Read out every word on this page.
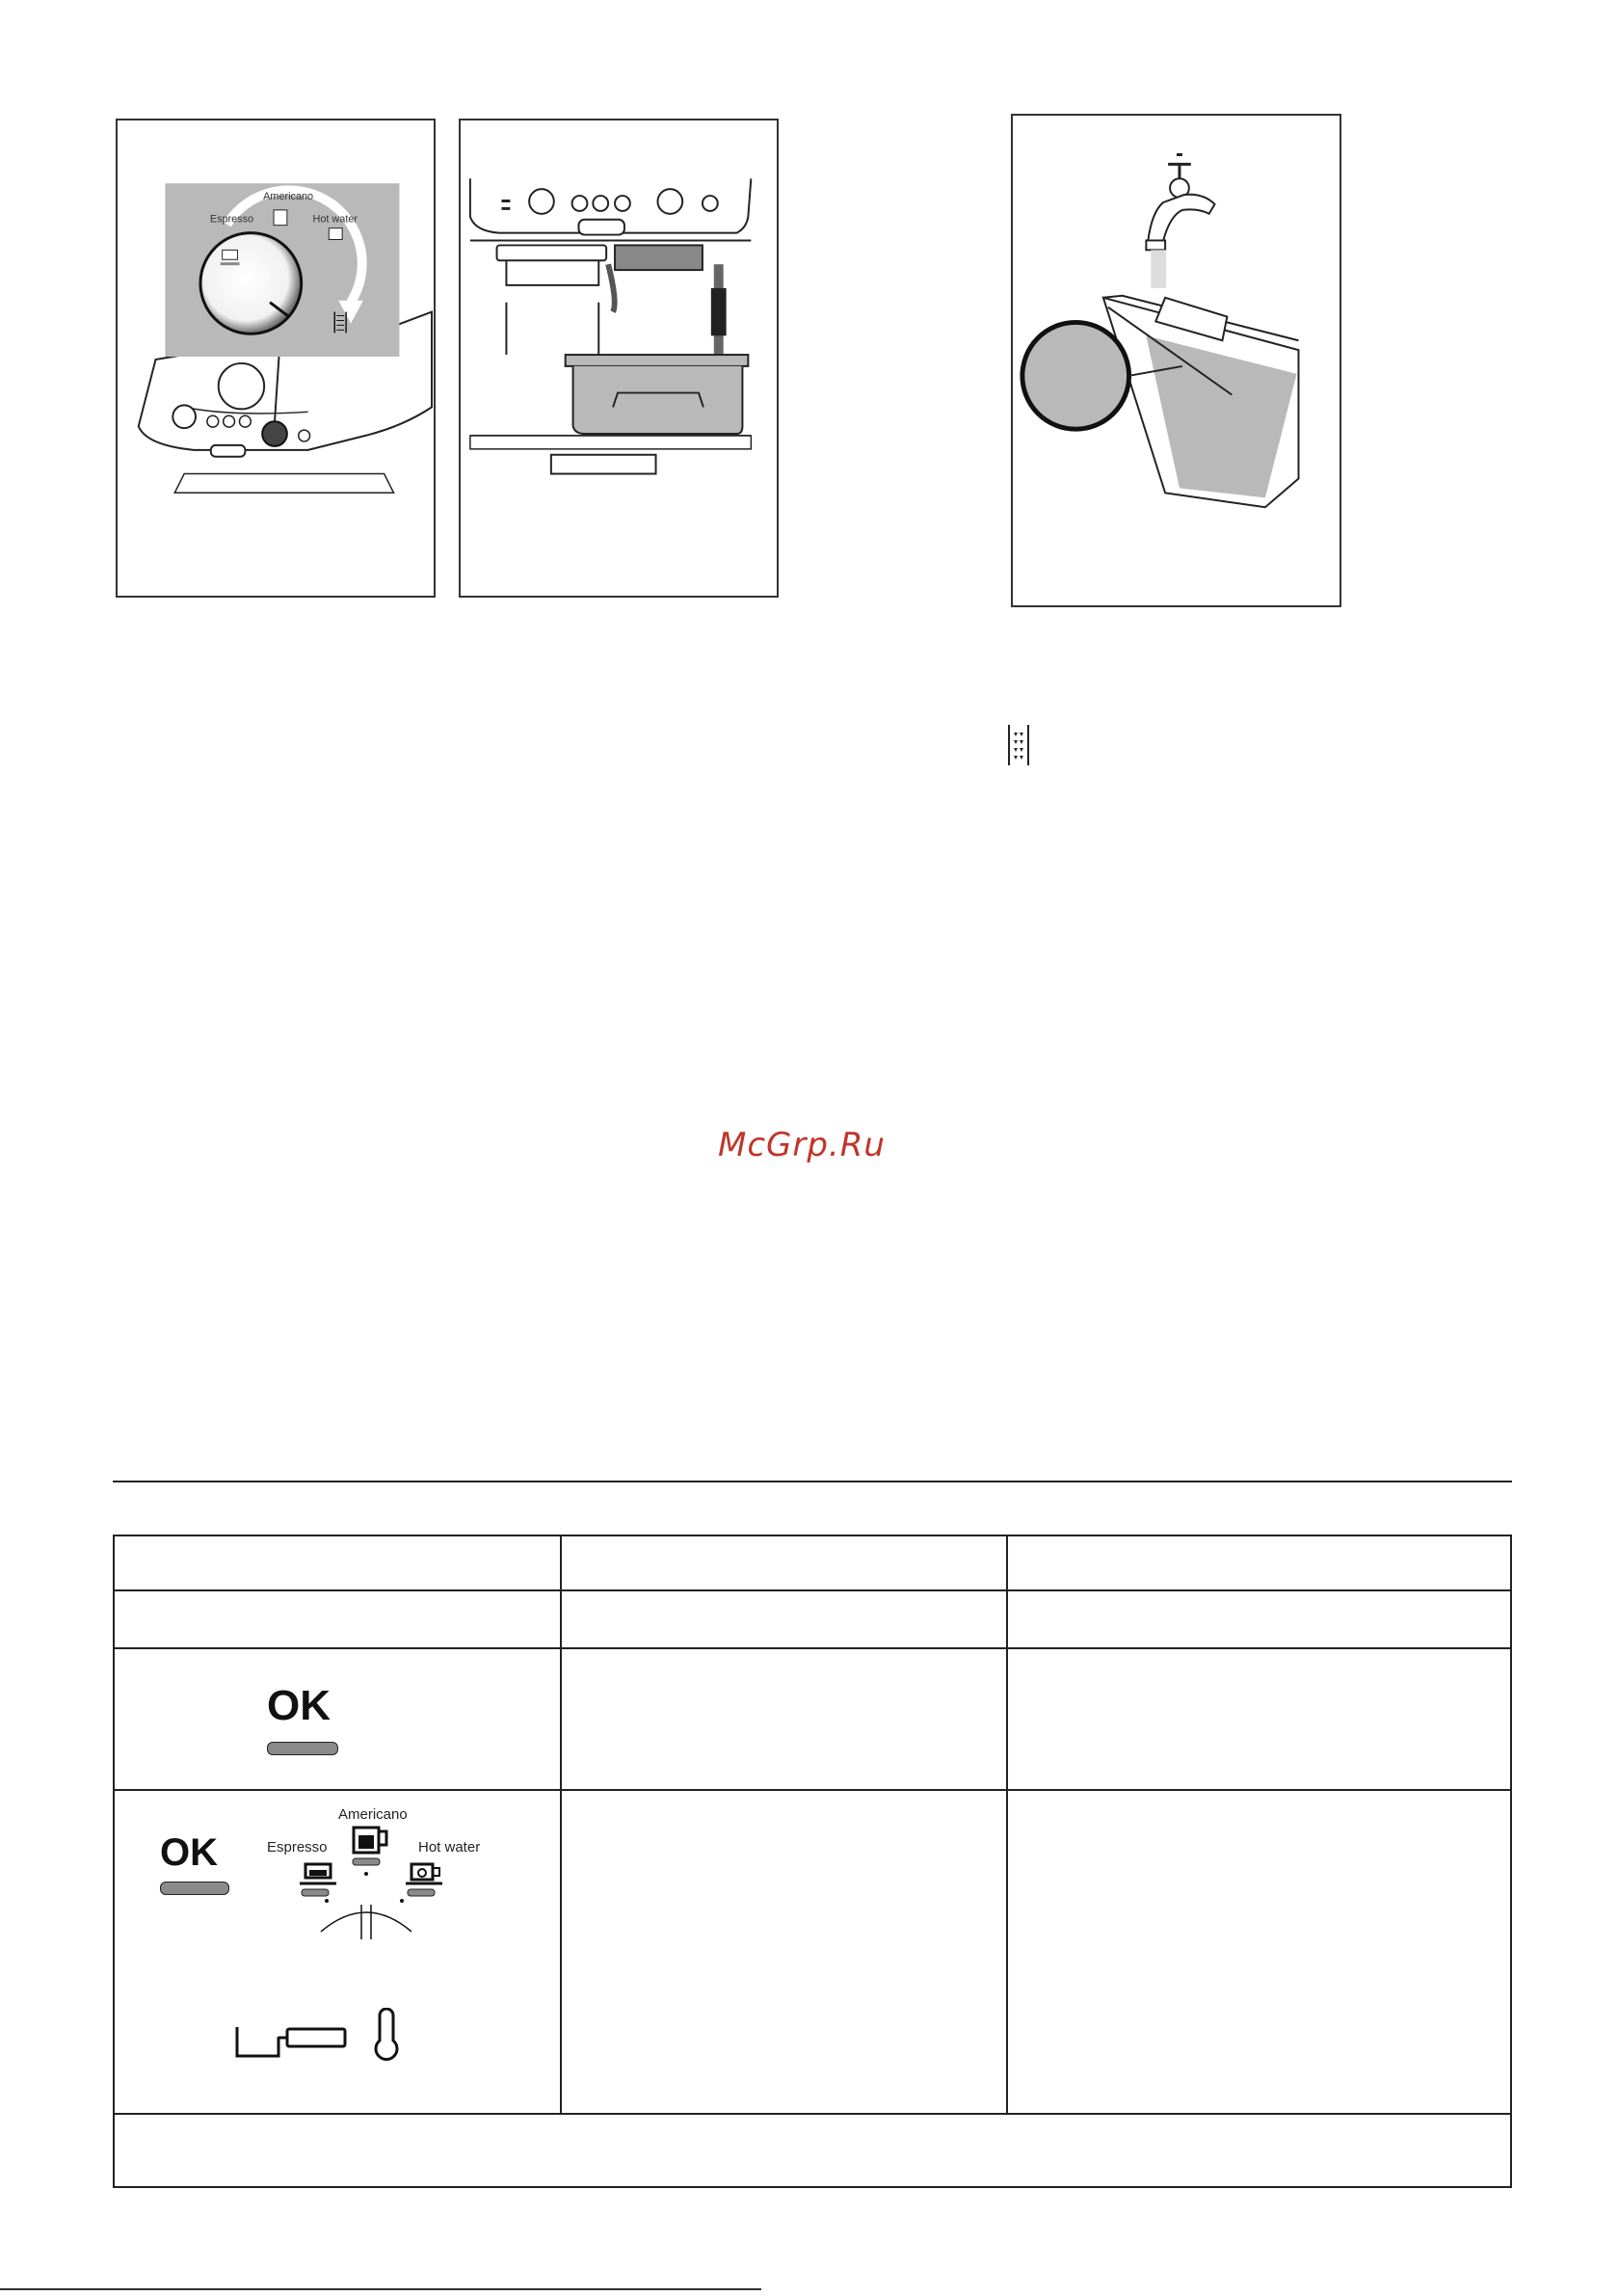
Americano
Espresso	Hot water
McGrp.Ru
OK
OK
Americano
Espresso	Hot water
